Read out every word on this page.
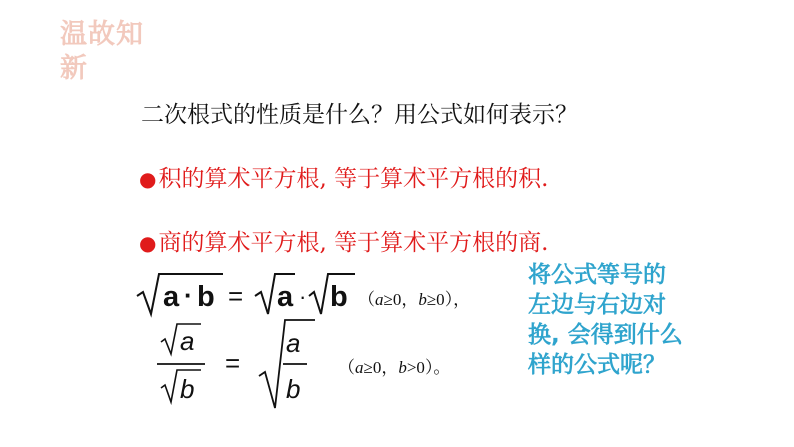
温故知新
二次根式的性质是什么？用公式如何表示？
●积的算术平方根, 等于算术平方根的积.
●商的算术平方根, 等于算术平方根的商.
a · b = a · b （a≥0，b≥0），
a
b
=
a
b
（a≥0，b>0）。
将公式等号的左边与右边对换, 会得到什么样的公式呢？
